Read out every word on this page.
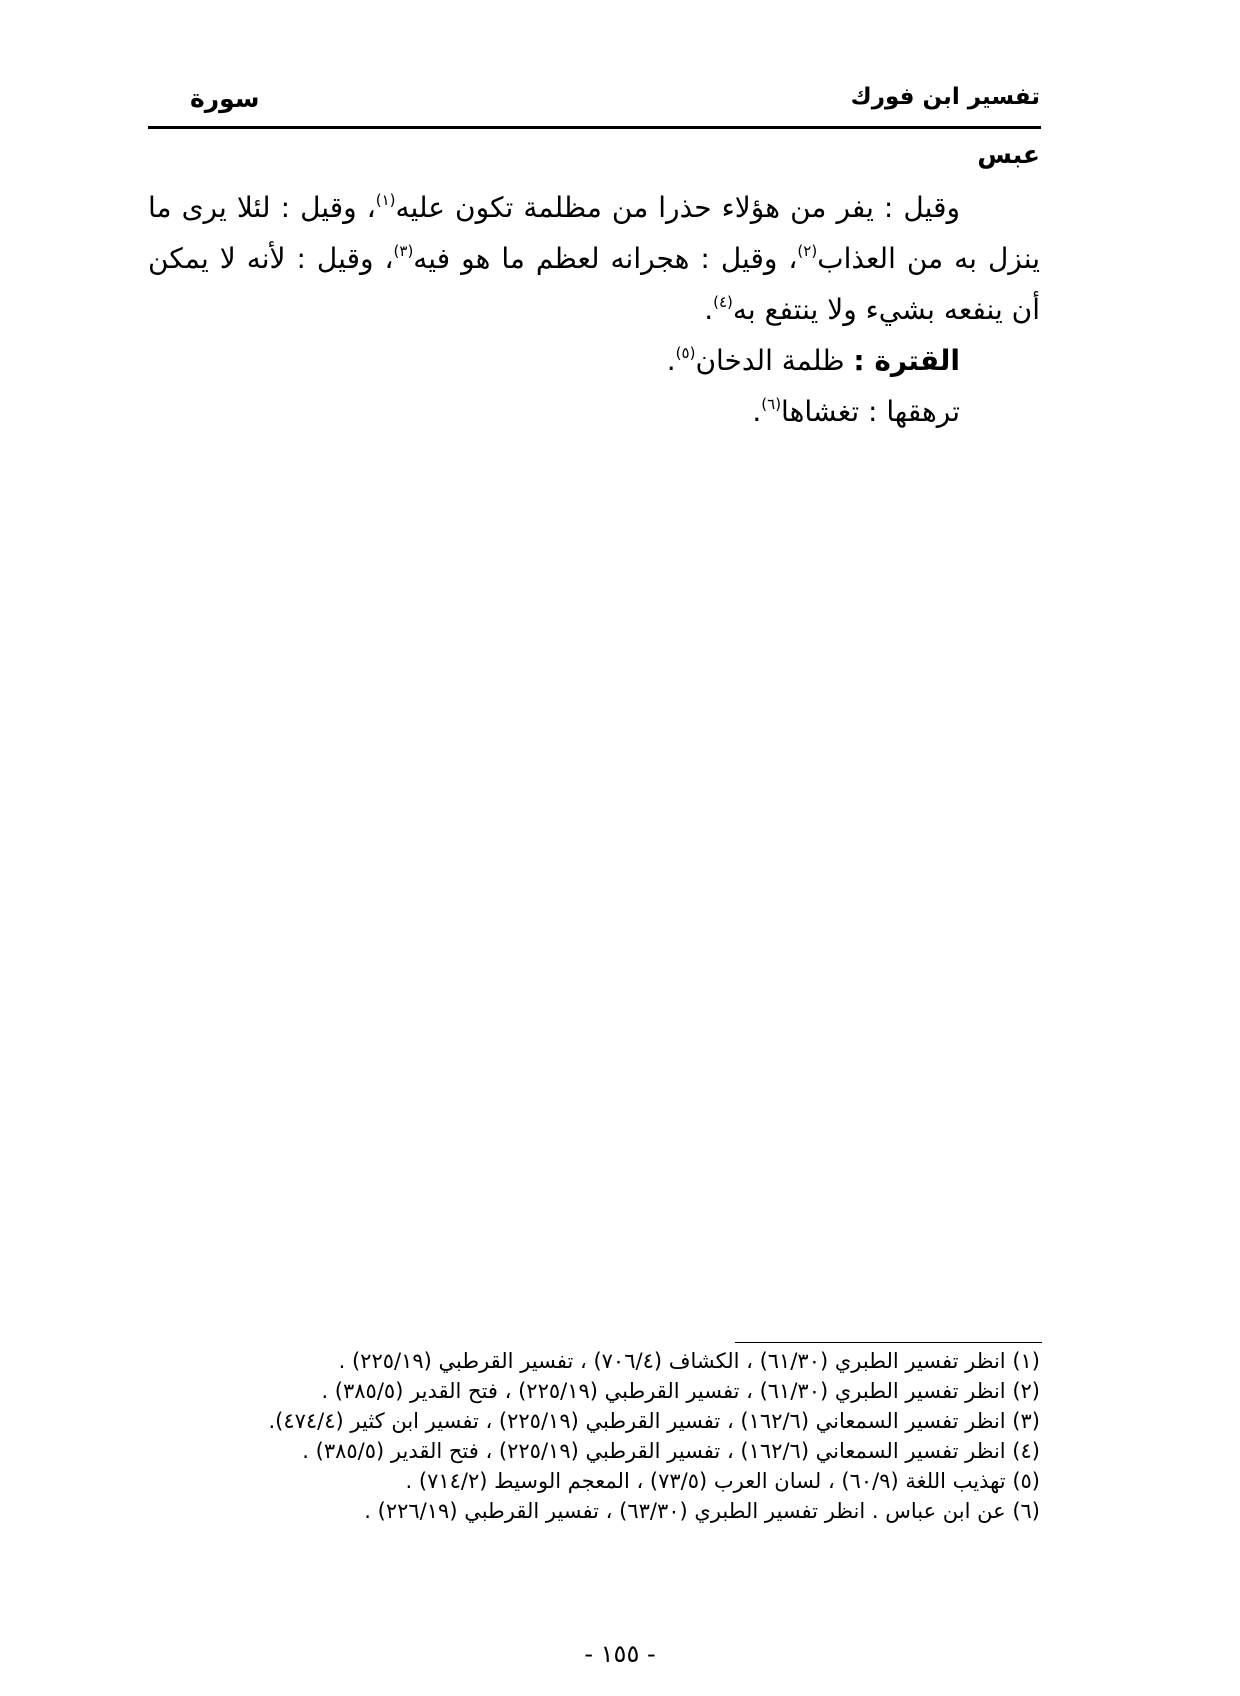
تفسير ابن فورك
سورة
عبس

وقيل : يفر من هؤلاء حذرا من مظلمة تكون عليه$^{(١)}$، وقيل : لئلا يرى ما ينزل به من العذاب$^{(٢)}$، وقيل : هجرانه لعظم ما هو فيه$^{(٣)}$، وقيل : لأنه لا يمكن أن ينفعه بشيء ولا ينتفع به$^{(٤)}$.

القترة : ظلمة الدخان$^{(٥)}$.

ترهقها : تغشاها$^{(٦)}$.

(١) انظر تفسير الطبري (٦١/٣٠) ، الكشاف (٧٠٦/٤) ، تفسير القرطبي (٢٢٥/١٩) .
(٢) انظر تفسير الطبري (٦١/٣٠) ، تفسير القرطبي (٢٢٥/١٩) ، فتح القدير (٣٨٥/٥) .
(٣) انظر تفسير السمعاني (١٦٢/٦) ، تفسير القرطبي (٢٢٥/١٩) ، تفسير ابن كثير (٤٧٤/٤).
(٤) انظر تفسير السمعاني (١٦٢/٦) ، تفسير القرطبي (٢٢٥/١٩) ، فتح القدير (٣٨٥/٥) .
(٥) تهذيب اللغة (٦٠/٩) ، لسان العرب (٧٣/٥) ، المعجم الوسيط (٧١٤/٢) .
(٦) عن ابن عباس . انظر تفسير الطبري (٦٣/٣٠) ، تفسير القرطبي (٢٢٦/١٩) .
- ١٥٥ -
